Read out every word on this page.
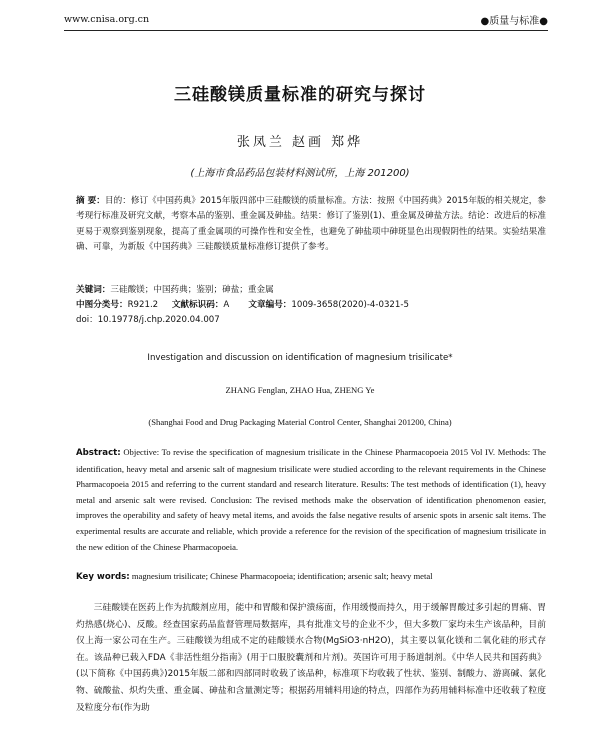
www.cnisa.org.cn	●质量与标准●
三硅酸镁质量标准的研究与探讨
张凤兰 赵画 郑烨
(上海市食品药品包装材料测试所，上海 201200)
摘 要：目的：修订《中国药典》2015年版四部中三硅酸镁的质量标准。方法：按照《中国药典》2015年版的相关规定，参考现行标准及研究文献，考察本品的鉴别、重金属及砷盐。结果：修订了鉴别(1)、重金属及砷盐方法。结论：改进后的标准更易于观察到鉴别现象，提高了重金属项的可操作性和安全性，也避免了砷盐项中砷斑显色出现假阴性的结果。实验结果准确、可靠，为新版《中国药典》三硅酸镁质量标准修订提供了参考。
关键词：三硅酸镁；中国药典；鉴别；砷盐；重金属
中图分类号：R921.2 文献标识码：A 文章编号：1009-3658(2020)-4-0321-5
doi：10.19778/j.chp.2020.04.007
Investigation and discussion on identification of magnesium trisilicate*
ZHANG Fenglan, ZHAO Hua, ZHENG Ye
(Shanghai Food and Drug Packaging Material Control Center, Shanghai 201200, China)
Abstract: Objective: To revise the specification of magnesium trisilicate in the Chinese Pharmacopoeia 2015 Vol IV. Methods: The identification, heavy metal and arsenic salt of magnesium trisilicate were studied according to the relevant requirements in the Chinese Pharmacopoeia 2015 and referring to the current standard and research literature. Results: The test methods of identification (1), heavy metal and arsenic salt were revised. Conclusion: The revised methods make the observation of identification phenomenon easier, improves the operability and safety of heavy metal items, and avoids the false negative results of arsenic spots in arsenic salt items. The experimental results are accurate and reliable, which provide a reference for the revision of the specification of magnesium trisilicate in the new edition of the Chinese Pharmacopoeia.
Key words: magnesium trisilicate; Chinese Pharmacopoeia; identification; arsenic salt; heavy metal

三硅酸镁在医药上作为抗酸剂应用，能中和胃酸和保护溃疡面，作用缓慢而持久，用于缓解胃酸过多引起的胃痛、胃灼热感(烧心)、反酸。经查国家药品监督管理局数据库，具有批准文号的企业不少，但大多数厂家均未生产该品种，目前仅上海一家公司在生产。三硅酸镁为组成不定的硅酸镁水合物(MgSiO3·nH2O)，其主要以氧化镁和二氧化硅的形式存在。该品种已载入FDA《非活性组分指南》(用于口服胶囊剂和片剂)。英国许可用于肠道制剂。《中华人民共和国药典》(以下简称《中国药典》)2015年版二部和四部同时收载了该品种，标准项下均收载了性状、鉴别、制酸力、游离碱、氯化物、硫酸盐、炽灼失重、重金属、砷盐和含量测定等；根据药用辅料用途的特点，四部作为药用辅料标准中还收载了粒度及粒度分布(作为助
